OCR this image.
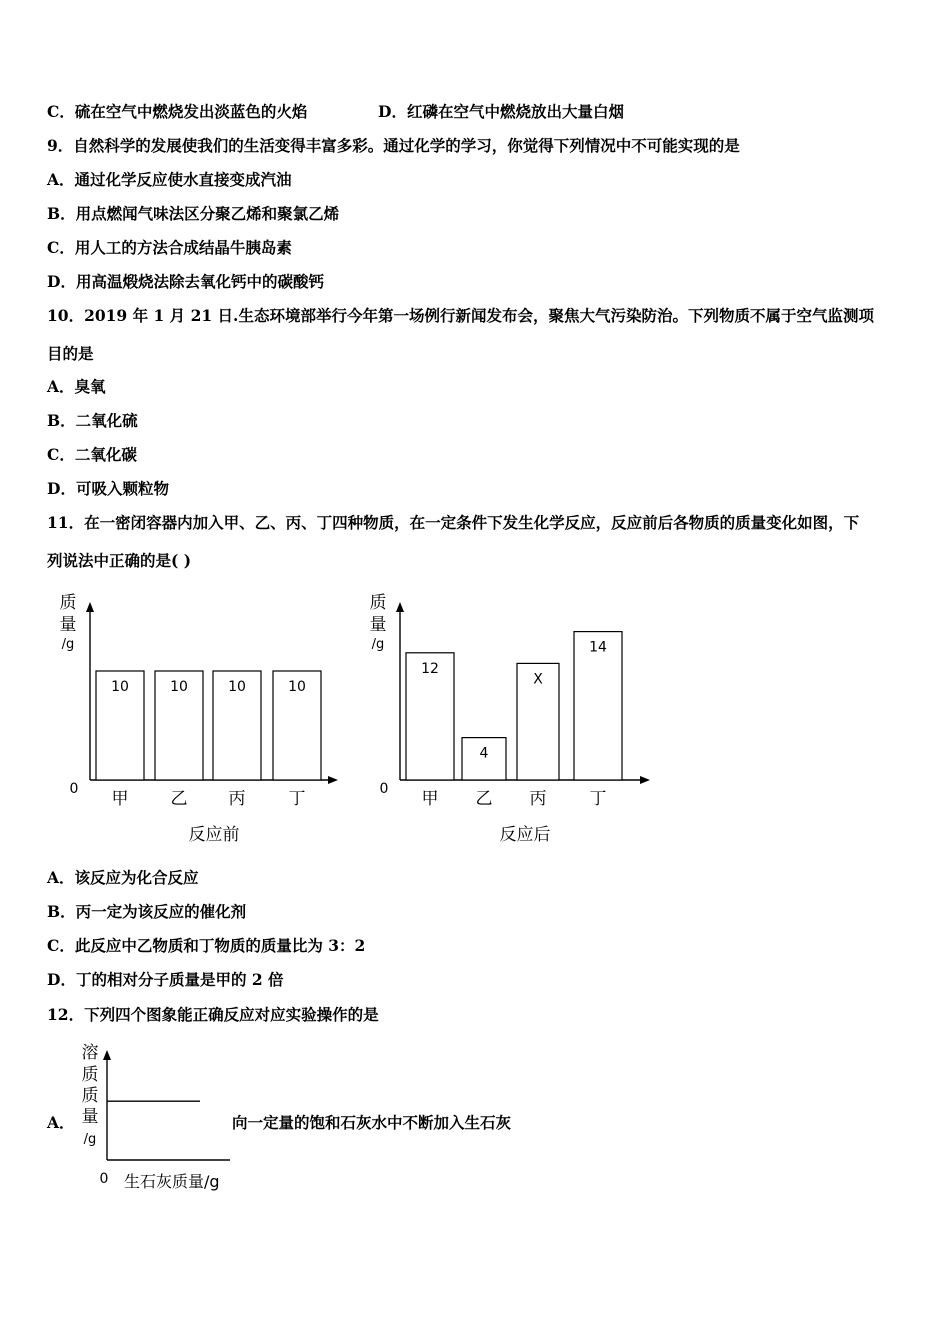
C．硫在空气中燃烧发出淡蓝色的火焰	D．红磷在空气中燃烧放出大量白烟
9．自然科学的发展使我们的生活变得丰富多彩。通过化学的学习，你觉得下列情况中不可能实现的是
A．通过化学反应使水直接变成汽油
B．用点燃闻气味法区分聚乙烯和聚氯乙烯
C．用人工的方法合成结晶牛胰岛素
D．用高温煅烧法除去氧化钙中的碳酸钙
10．2019 年 1 月 21 日.生态环境部举行今年第一场例行新闻发布会，聚焦大气污染防治。下列物质不属于空气监测项
目的是
A．臭氧
B．二氧化硫
C．二氧化碳
D．可吸入颗粒物
11．在一密闭容器内加入甲、乙、丙、丁四种物质，在一定条件下发生化学反应，反应前后各物质的质量变化如图，下
列说法中正确的是( )
质
量
/g
0
10
甲
10
乙
10
丙
10
丁
反应前
质
量
/g
0
12
甲
4
乙
X
丙
14
丁
反应后
A．该反应为化合反应
B．丙一定为该反应的催化剂
C．此反应中乙物质和丁物质的质量比为 3：2
D．丁的相对分子质量是甲的 2 倍
12．下列四个图象能正确反应对应实验操作的是
A．
溶
质
质
量
/g
0 生石灰质量/g
向一定量的饱和石灰水中不断加入生石灰
